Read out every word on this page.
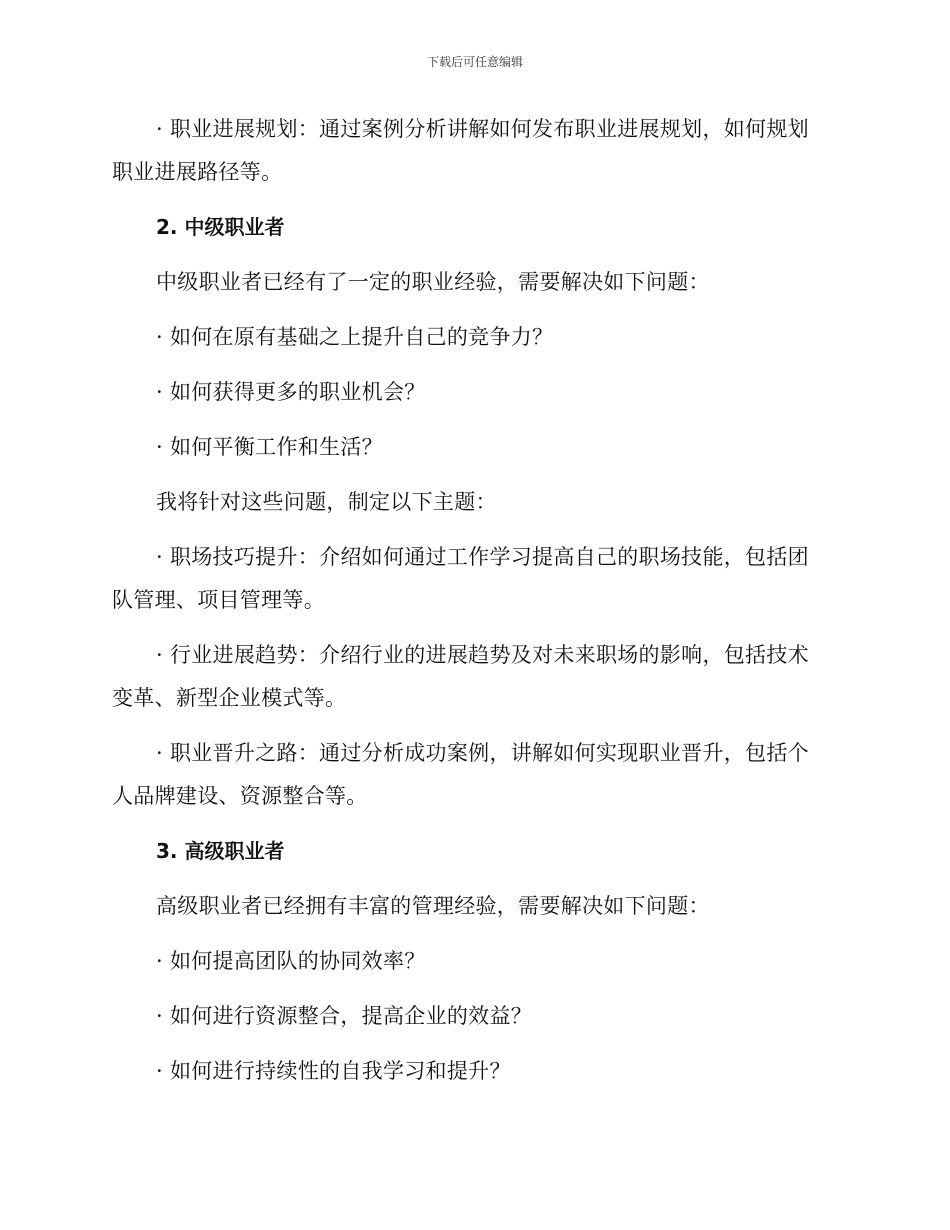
下载后可任意编辑

· 职业进展规划：通过案例分析讲解如何发布职业进展规划，如何规划职业进展路径等。

2. 中级职业者

中级职业者已经有了一定的职业经验，需要解决如下问题：

· 如何在原有基础之上提升自己的竞争力？

· 如何获得更多的职业机会？

· 如何平衡工作和生活？

我将针对这些问题，制定以下主题：

· 职场技巧提升：介绍如何通过工作学习提高自己的职场技能，包括团队管理、项目管理等。

· 行业进展趋势：介绍行业的进展趋势及对未来职场的影响，包括技术变革、新型企业模式等。

· 职业晋升之路：通过分析成功案例，讲解如何实现职业晋升，包括个人品牌建设、资源整合等。

3. 高级职业者

高级职业者已经拥有丰富的管理经验，需要解决如下问题：

· 如何提高团队的协同效率？

· 如何进行资源整合，提高企业的效益？

· 如何进行持续性的自我学习和提升？
